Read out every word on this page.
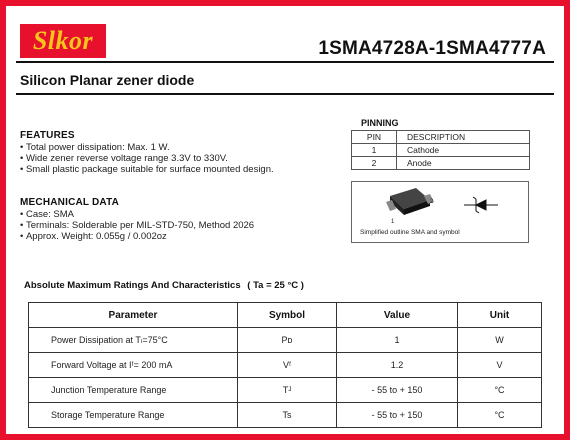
Slkor	1SMA4728A-1SMA4777A
Silicon Planar zener diode
FEATURES
• Total power dissipation: Max. 1 W.
• Wide zener reverse voltage range 3.3V to 330V.
• Small plastic package suitable for surface mounted design.
MECHANICAL DATA
• Case: SMA
• Terminals: Solderable per MIL-STD-750, Method 2026
• Approx. Weight: 0.055g / 0.002oz
PINNING
PIN	DESCRIPTION
1	Cathode
2	Anode
1
2
Simplified outline SMA and symbol
Absolute Maximum Ratings And Characteristics ( Ta = 25 °C )
Parameter	Symbol	Value	Unit
Power Dissipation at Tₗ=75°C	Pᴅ	1	W
Forward Voltage at Iᶠ= 200 mA	Vᶠ	1.2	V
Junction Temperature Range	Tᴶ	- 55 to + 150	°C
Storage Temperature Range	Ts	- 55 to + 150	°C
